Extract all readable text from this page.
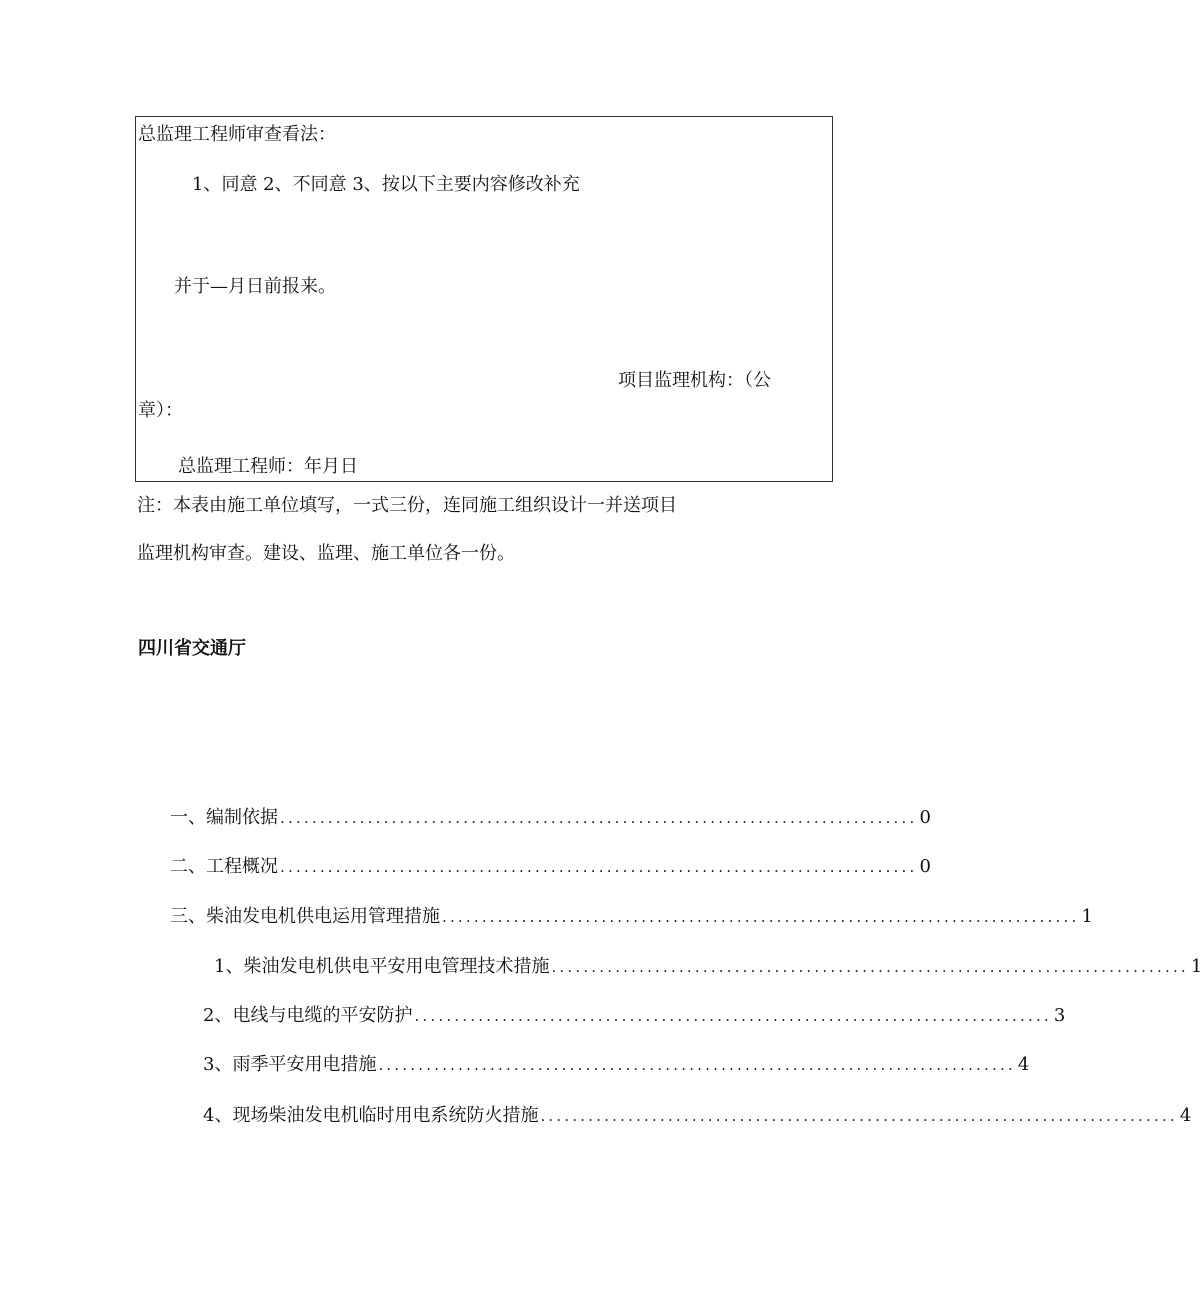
总监理工程师审查看法：
1、同意 2、不同意 3、按以下主要内容修改补充
并于—月日前报来。
项目监理机构：（公
章）：
总监理工程师：年月日
注：本表由施工单位填写，一式三份，连同施工组织设计一并送项目
监理机构审查。建设、监理、施工单位各一份。
四川省交通厅
一、编制依据 ................................................................................ 0
二、工程概况 ................................................................................ 0
三、柴油发电机供电运用管理措施 ................................................................................ 1
1、柴油发电机供电平安用电管理技术措施 ................................................................................ 1
2、电线与电缆的平安防护 ................................................................................ 3
3、雨季平安用电措施 ................................................................................ 4
4、现场柴油发电机临时用电系统防火措施 ................................................................................ 4
